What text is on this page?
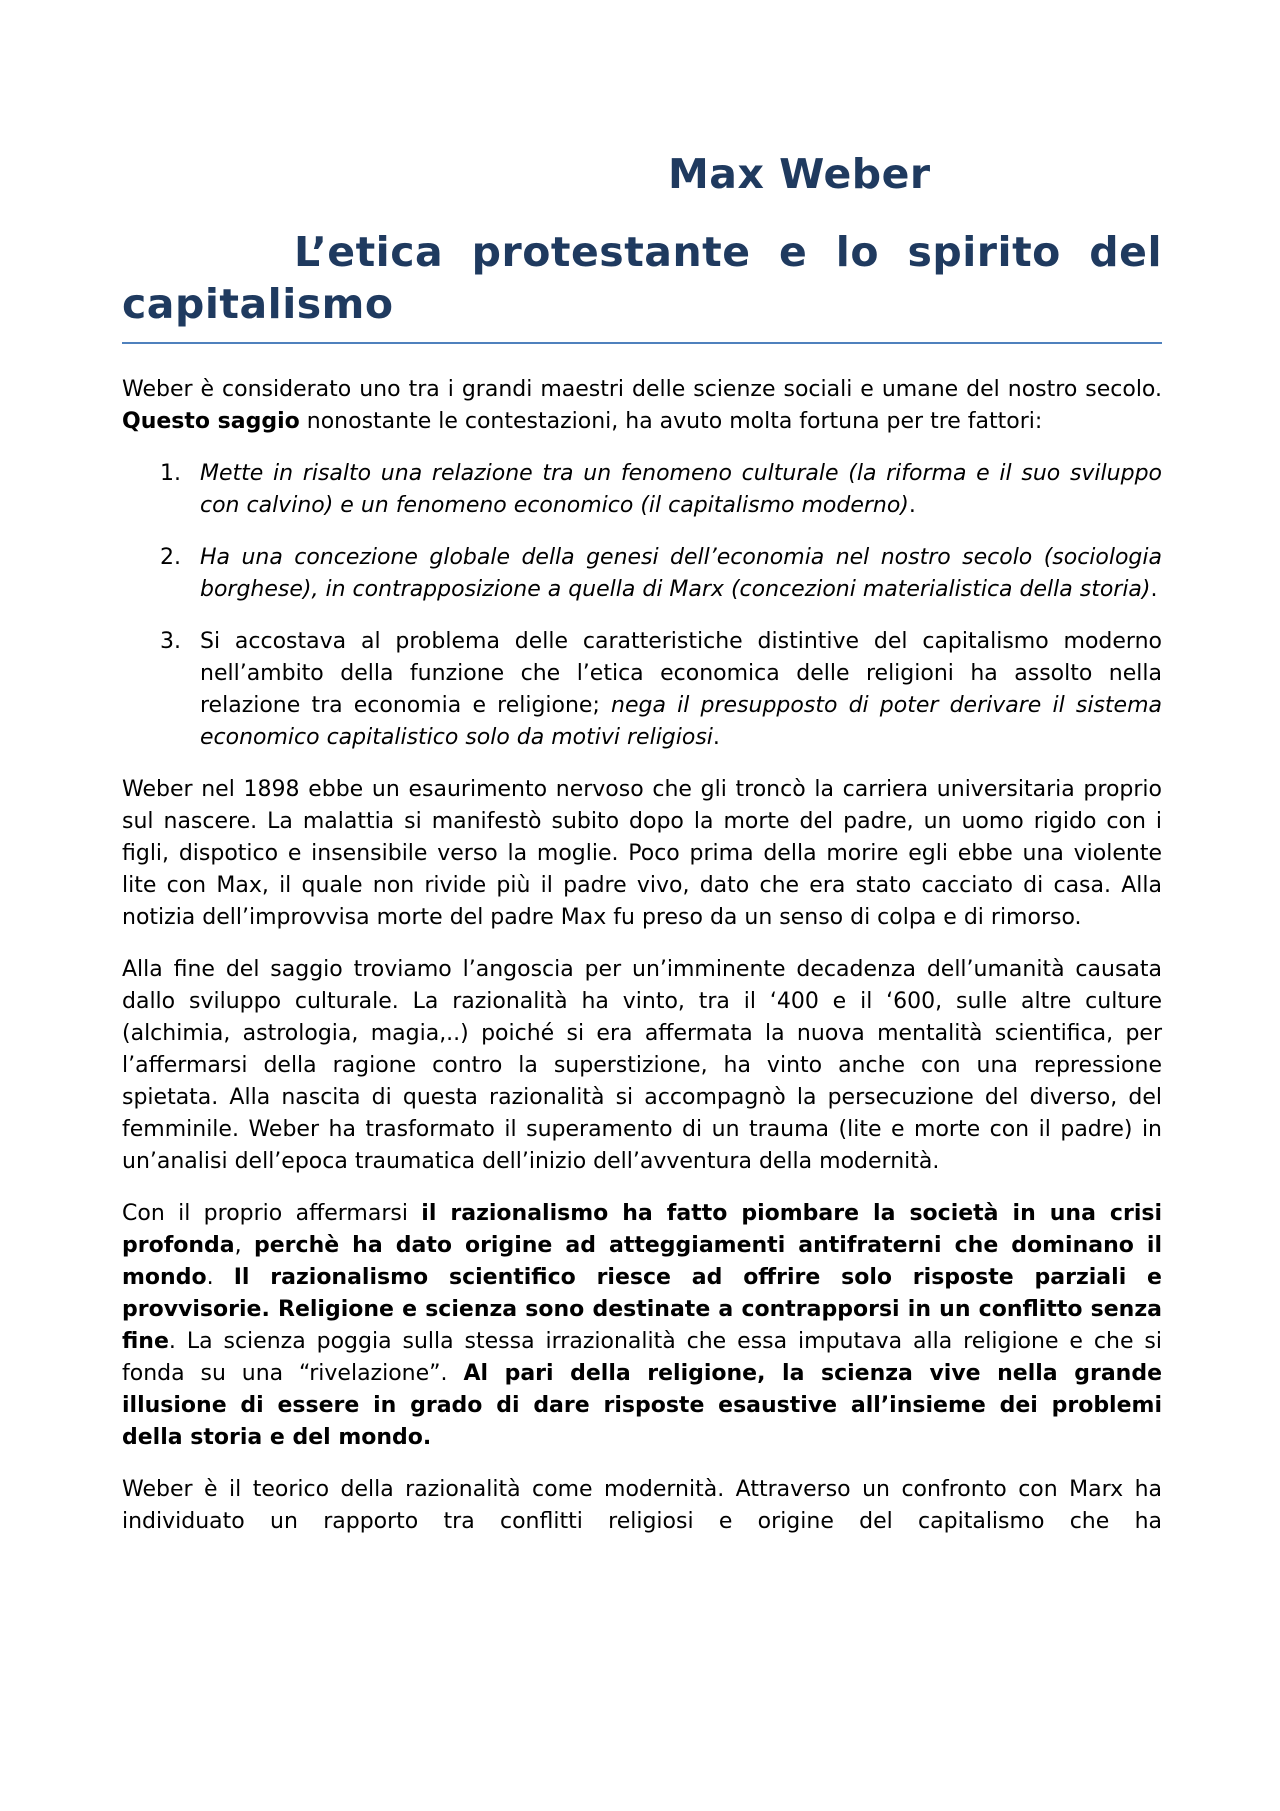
Max Weber
L’etica protestante e lo spirito del capitalismo

Weber è considerato uno tra i grandi maestri delle scienze sociali e umane del nostro secolo. Questo saggio nonostante le contestazioni, ha avuto molta fortuna per tre fattori:

1. Mette in risalto una relazione tra un fenomeno culturale (la riforma e il suo sviluppo con calvino) e un fenomeno economico (il capitalismo moderno).
2. Ha una concezione globale della genesi dell’economia nel nostro secolo (sociologia borghese), in contrapposizione a quella di Marx (concezioni materialistica della storia).
3. Si accostava al problema delle caratteristiche distintive del capitalismo moderno nell’ambito della funzione che l’etica economica delle religioni ha assolto nella relazione tra economia e religione; nega il presupposto di poter derivare il sistema economico capitalistico solo da motivi religiosi.

Weber nel 1898 ebbe un esaurimento nervoso che gli troncò la carriera universitaria proprio sul nascere. La malattia si manifestò subito dopo la morte del padre, un uomo rigido con i figli, dispotico e insensibile verso la moglie. Poco prima della morire egli ebbe una violente lite con Max, il quale non rivide più il padre vivo, dato che era stato cacciato di casa. Alla notizia dell’improvvisa morte del padre Max fu preso da un senso di colpa e di rimorso.

Alla fine del saggio troviamo l’angoscia per un’imminente decadenza dell’umanità causata dallo sviluppo culturale. La razionalità ha vinto, tra il ‘400 e il ‘600, sulle altre culture (alchimia, astrologia, magia,..) poiché si era affermata la nuova mentalità scientifica, per l’affermarsi della ragione contro la superstizione, ha vinto anche con una repressione spietata. Alla nascita di questa razionalità si accompagnò la persecuzione del diverso, del femminile. Weber ha trasformato il superamento di un trauma (lite e morte con il padre) in un’analisi dell’epoca traumatica dell’inizio dell’avventura della modernità.

Con il proprio affermarsi il razionalismo ha fatto piombare la società in una crisi profonda, perchè ha dato origine ad atteggiamenti antifraterni che dominano il mondo. Il razionalismo scientifico riesce ad offrire solo risposte parziali e provvisorie. Religione e scienza sono destinate a contrapporsi in un conflitto senza fine. La scienza poggia sulla stessa irrazionalità che essa imputava alla religione e che si fonda su una “rivelazione”. Al pari della religione, la scienza vive nella grande illusione di essere in grado di dare risposte esaustive all’insieme dei problemi della storia e del mondo.

Weber è il teorico della razionalità come modernità. Attraverso un confronto con Marx ha individuato un rapporto tra conflitti religiosi e origine del capitalismo che ha
